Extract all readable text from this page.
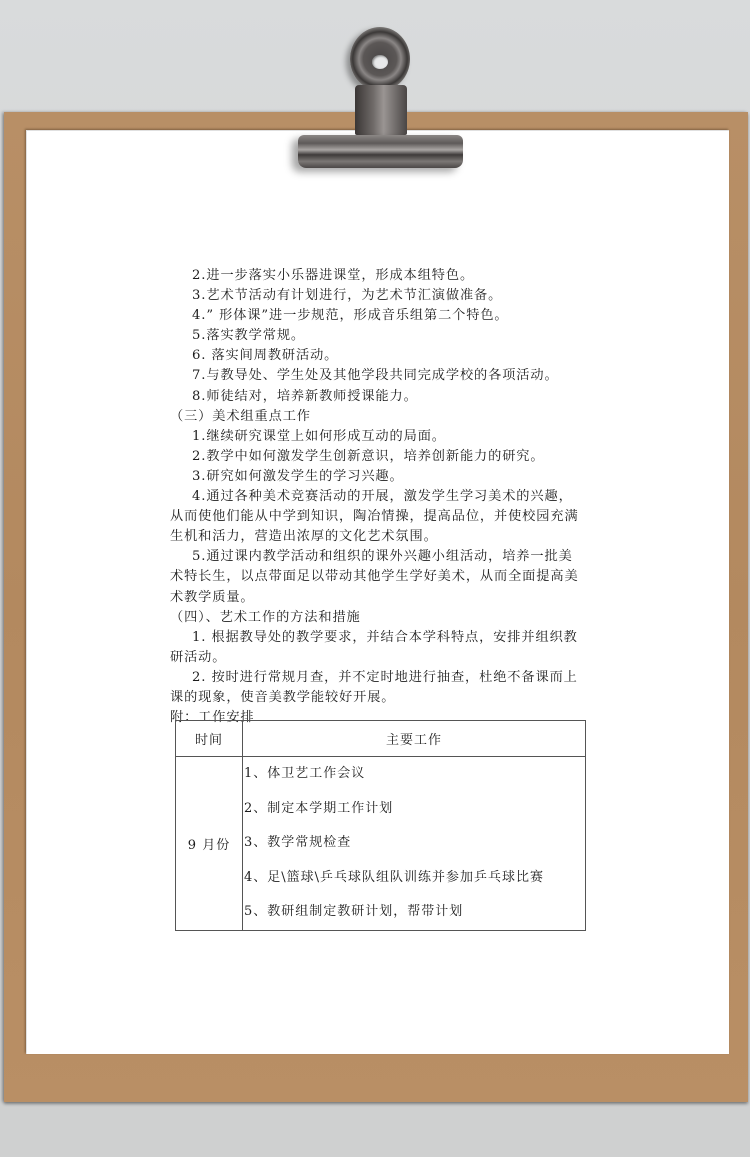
2.进一步落实小乐器进课堂，形成本组特色。

3.艺术节活动有计划进行，为艺术节汇演做准备。

4.” 形体课”进一步规范，形成音乐组第二个特色。

5.落实教学常规。

6. 落实间周教研活动。

7.与教导处、学生处及其他学段共同完成学校的各项活动。

8.师徒结对，培养新教师授课能力。

（三）美术组重点工作

1.继续研究课堂上如何形成互动的局面。

2.教学中如何激发学生创新意识，培养创新能力的研究。

3.研究如何激发学生的学习兴趣。

4.通过各种美术竞赛活动的开展，激发学生学习美术的兴趣，从而使他们能从中学到知识，陶冶情操，提高品位，并使校园充满生机和活力，营造出浓厚的文化艺术氛围。

5.通过课内教学活动和组织的课外兴趣小组活动，培养一批美术特长生，以点带面足以带动其他学生学好美术，从而全面提高美术教学质量。

（四）、艺术工作的方法和措施

1. 根据教导处的教学要求，并结合本学科特点，安排并组织教研活动。

2. 按时进行常规月查，并不定时地进行抽查，杜绝不备课而上课的现象，使音美教学能较好开展。

附：工作安排

时间	主要工作
9 月份	1、体卫艺工作会议
2、制定本学期工作计划
3、教学常规检查
4、足\篮球\乒乓球队组队训练并参加乒乓球比赛
5、教研组制定教研计划，帮带计划
